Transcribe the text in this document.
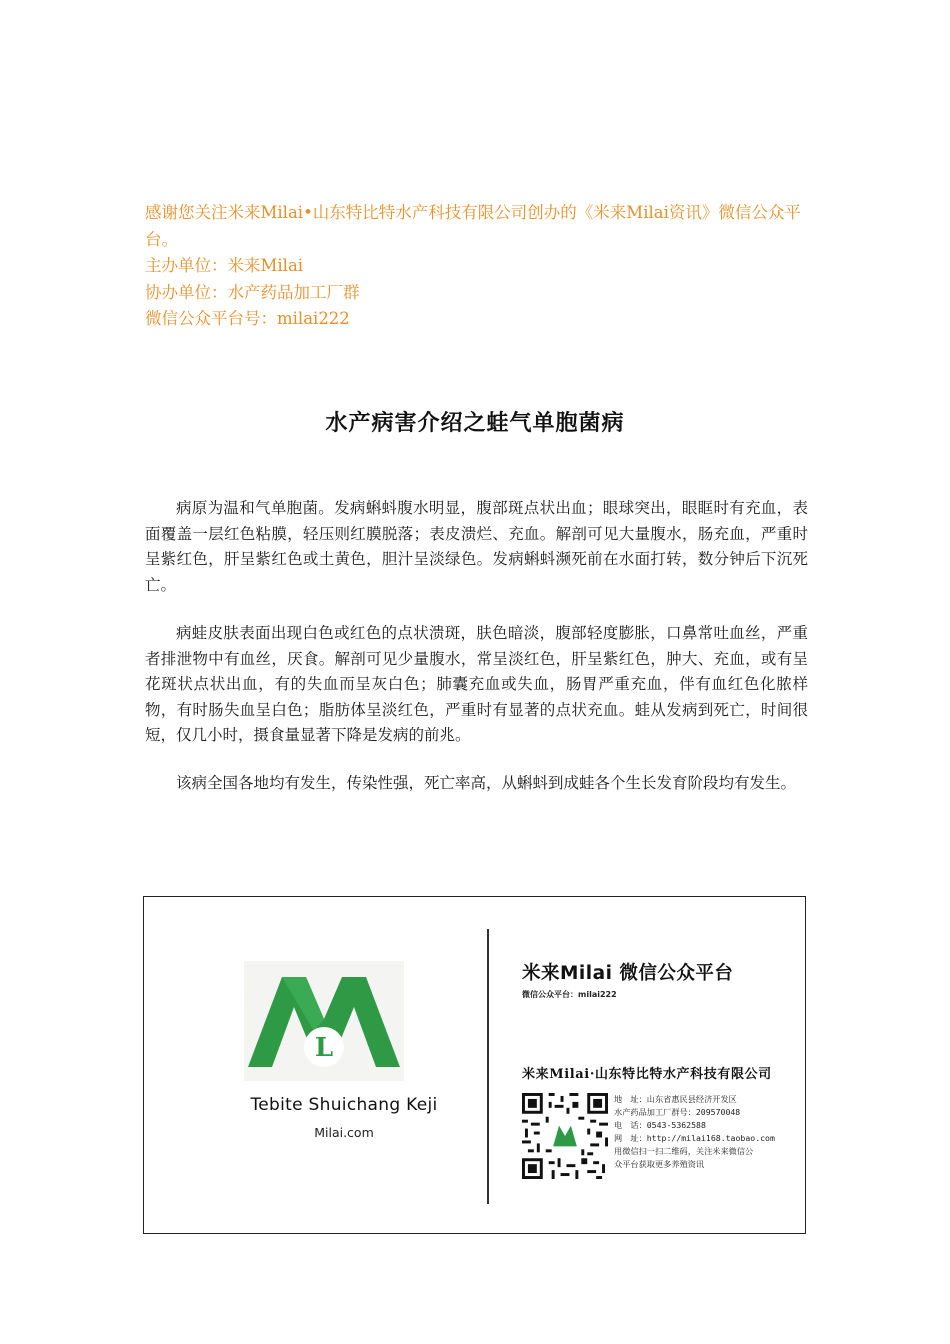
感谢您关注米来Milai•山东特比特水产科技有限公司创办的《米来Milai资讯》微信公众平台。

主办单位：米来Milai

协办单位：水产药品加工厂群

微信公众平台号：milai222

水产病害介绍之蛙气单胞菌病

病原为温和气单胞菌。发病蝌蚪腹水明显，腹部斑点状出血；眼球突出，眼眶时有充血，表面覆盖一层红色粘膜，轻压则红膜脱落；表皮溃烂、充血。解剖可见大量腹水，肠充血，严重时呈紫红色，肝呈紫红色或土黄色，胆汁呈淡绿色。发病蝌蚪濒死前在水面打转，数分钟后下沉死亡。

病蛙皮肤表面出现白色或红色的点状溃斑，肤色暗淡，腹部轻度膨胀，口鼻常吐血丝，严重者排泄物中有血丝，厌食。解剖可见少量腹水，常呈淡红色，肝呈紫红色，肿大、充血，或有呈花斑状点状出血，有的失血而呈灰白色；肺囊充血或失血，肠胃严重充血，伴有血红色化脓样物，有时肠失血呈白色；脂肪体呈淡红色，严重时有显著的点状充血。蛙从发病到死亡，时间很短，仅几小时，摄食量显著下降是发病的前兆。

该病全国各地均有发生，传染性强，死亡率高，从蝌蚪到成蛙各个生长发育阶段均有发生。

L
Tebite Shuichang Keji
Milai.com
米来Milai 微信公众平台
微信公众平台：milai222
米来Milai·山东特比特水产科技有限公司
地　址：山东省惠民县经济开发区
水产药品加工厂群号：209570048
电　话：0543-5362588
网　址：http://milai168.taobao.com
用微信扫一扫二维码，关注米来微信公
众平台获取更多养殖资讯
